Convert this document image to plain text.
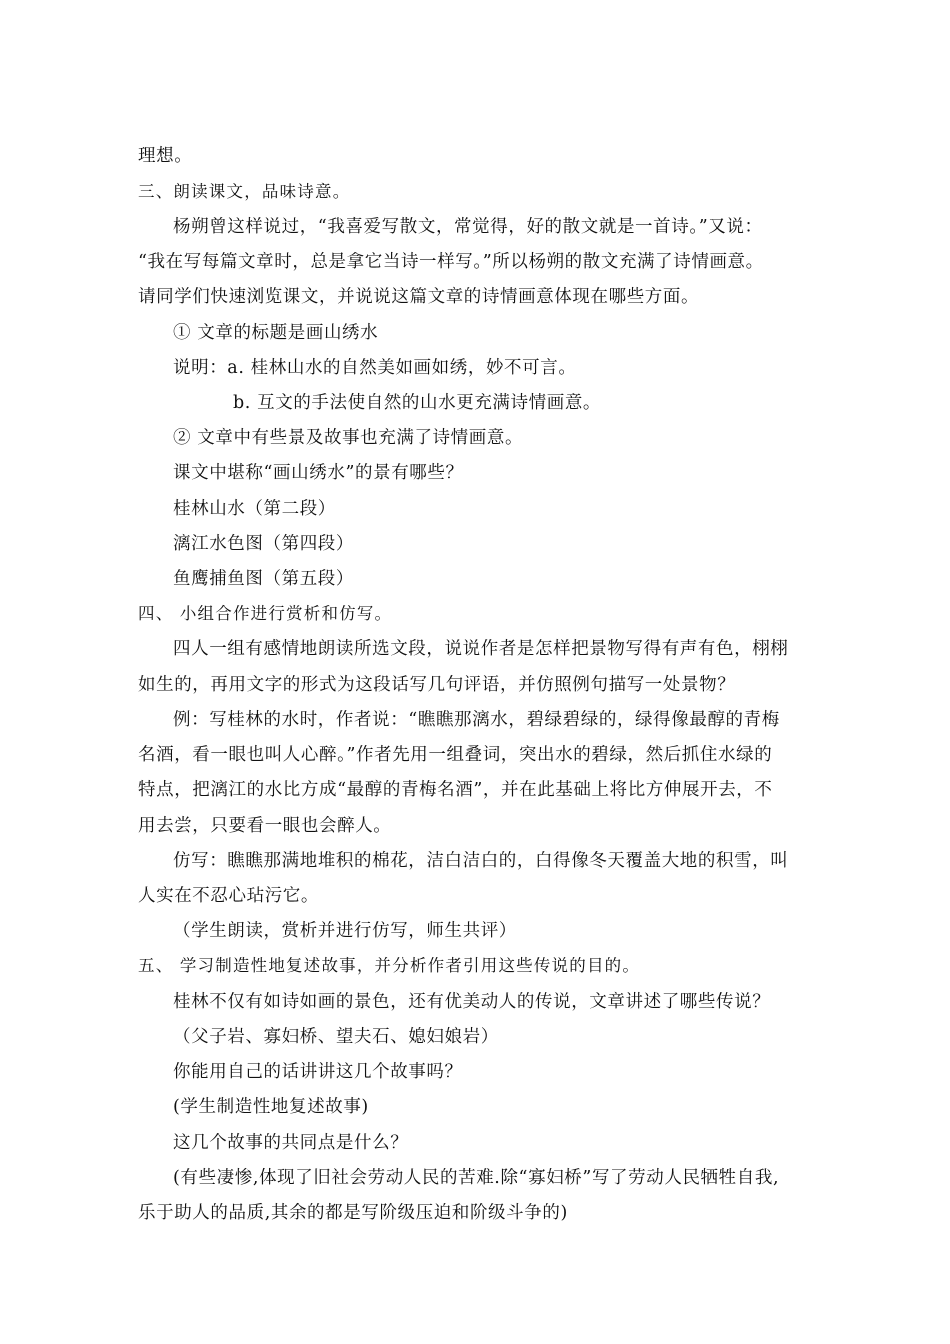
理想。
三、朗读课文，品味诗意。
杨朔曾这样说过，“我喜爱写散文，常觉得，好的散文就是一首诗。”又说：
“我在写每篇文章时，总是拿它当诗一样写。”所以杨朔的散文充满了诗情画意。
请同学们快速浏览课文，并说说这篇文章的诗情画意体现在哪些方面。
① 文章的标题是画山绣水
说明：a. 桂林山水的自然美如画如绣，妙不可言。
b. 互文的手法使自然的山水更充满诗情画意。
② 文章中有些景及故事也充满了诗情画意。
课文中堪称“画山绣水”的景有哪些？
桂林山水（第二段）
漓江水色图（第四段）
鱼鹰捕鱼图（第五段）
四、 小组合作进行赏析和仿写。
四人一组有感情地朗读所选文段，说说作者是怎样把景物写得有声有色，栩栩
如生的，再用文字的形式为这段话写几句评语，并仿照例句描写一处景物？
例：写桂林的水时，作者说：“瞧瞧那漓水，碧绿碧绿的，绿得像最醇的青梅
名酒，看一眼也叫人心醉。”作者先用一组叠词，突出水的碧绿，然后抓住水绿的
特点，把漓江的水比方成“最醇的青梅名酒”，并在此基础上将比方伸展开去，不
用去尝，只要看一眼也会醉人。
仿写：瞧瞧那满地堆积的棉花，洁白洁白的，白得像冬天覆盖大地的积雪，叫
人实在不忍心玷污它。
（学生朗读，赏析并进行仿写，师生共评）
五、 学习制造性地复述故事，并分析作者引用这些传说的目的。
桂林不仅有如诗如画的景色，还有优美动人的传说，文章讲述了哪些传说？
（父子岩、寡妇桥、望夫石、媳妇娘岩）
你能用自己的话讲讲这几个故事吗？
(学生制造性地复述故事)
这几个故事的共同点是什么？
(有些凄惨,体现了旧社会劳动人民的苦难.除“寡妇桥”写了劳动人民牺牲自我,
乐于助人的品质,其余的都是写阶级压迫和阶级斗争的)
